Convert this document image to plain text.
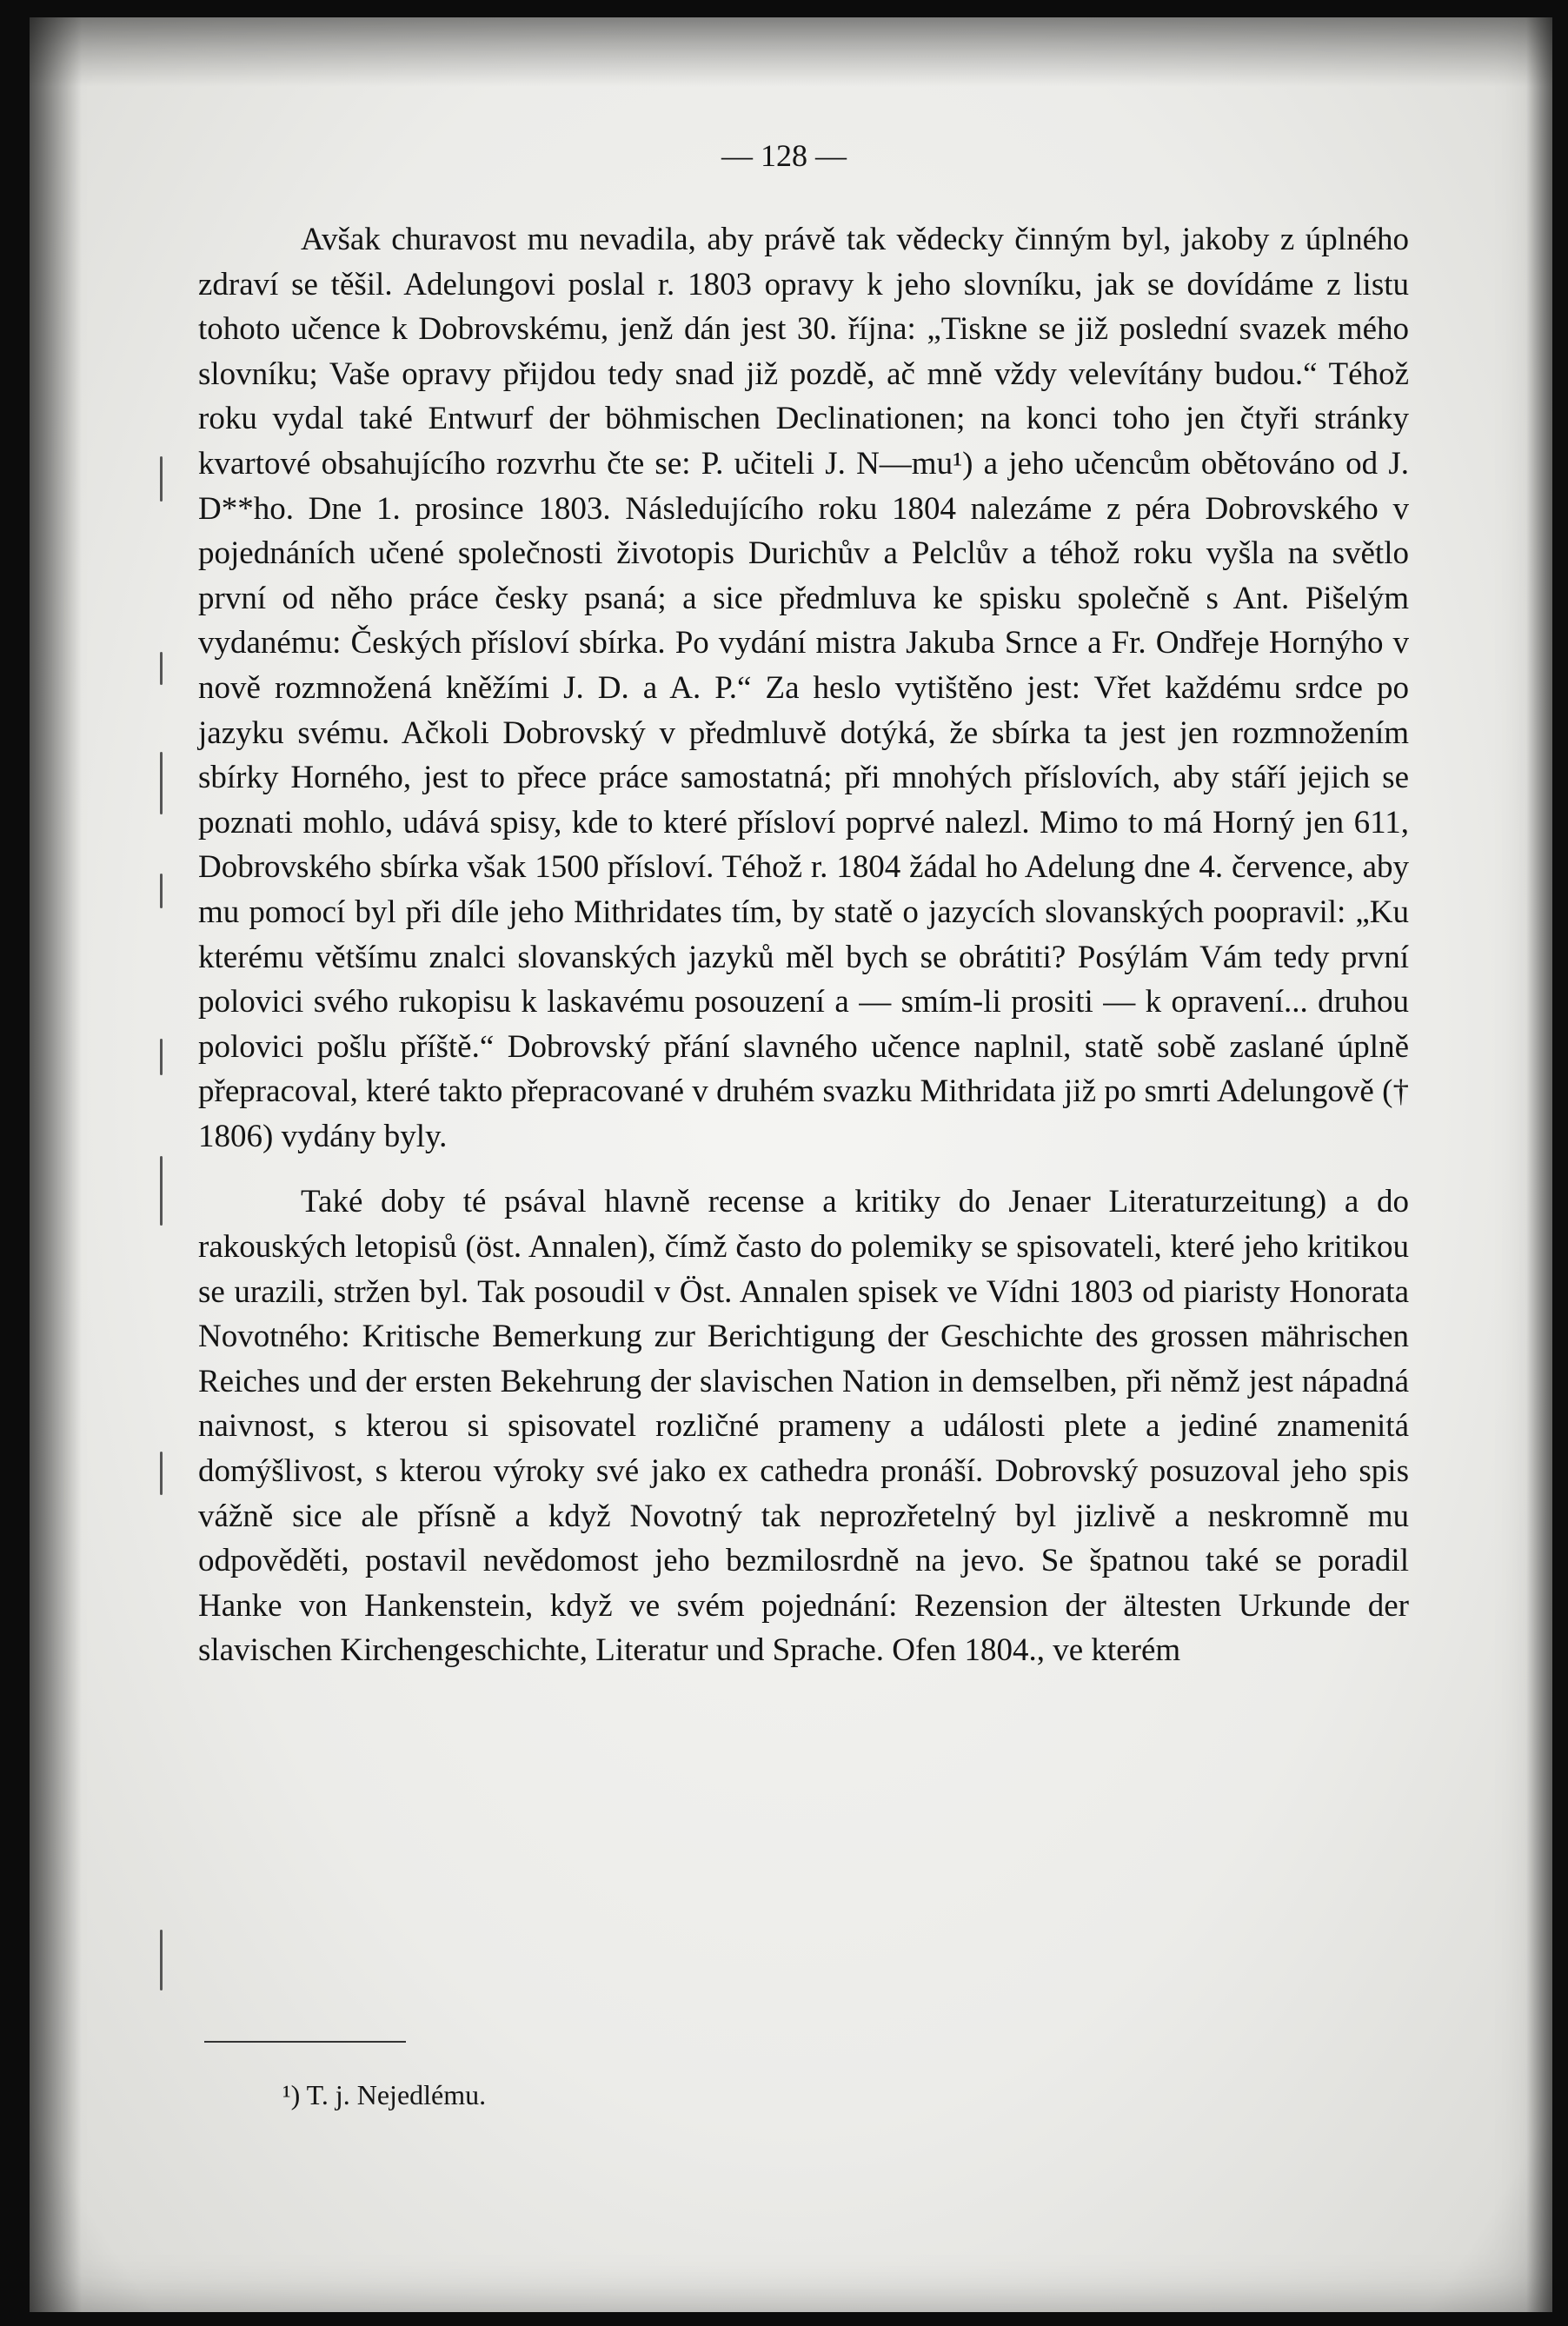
— 128 —

Avšak churavost mu nevadila, aby právě tak vědecky činným byl, jakoby z úplného zdraví se těšil. Adelungovi poslal r. 1803 opravy k jeho slovníku, jak se dovídáme z listu tohoto učence k Dobrovskému, jenž dán jest 30. října: „Tiskne se již poslední svazek mého slovníku; Vaše opravy přijdou tedy snad již pozdě, ač mně vždy velevítány budou.“ Téhož roku vydal také Entwurf der böhmischen Declinationen; na konci toho jen čtyři stránky kvartové obsahujícího rozvrhu čte se: P. učiteli J. N—mu¹) a jeho učencům obětováno od J. D**ho. Dne 1. prosince 1803. Následujícího roku 1804 nalezáme z péra Dobrovského v pojednáních učené společnosti životopis Durichův a Pelclův a téhož roku vyšla na světlo první od něho práce česky psaná; a sice předmluva ke spisku společně s Ant. Pišelým vydanému: Českých přísloví sbírka. Po vydání mistra Jakuba Srnce a Fr. Ondřeje Hornýho v nově rozmnožená kněžími J. D. a A. P.“ Za heslo vytištěno jest: Vřet každému srdce po jazyku svému. Ačkoli Dobrovský v předmluvě dotýká, že sbírka ta jest jen rozmnožením sbírky Horného, jest to přece práce samostatná; při mnohých příslovích, aby stáří jejich se poznati mohlo, udává spisy, kde to které přísloví poprvé nalezl. Mimo to má Horný jen 611, Dobrovského sbírka však 1500 přísloví. Téhož r. 1804 žádal ho Adelung dne 4. července, aby mu pomocí byl při díle jeho Mithridates tím, by statě o jazycích slovanských poopravil: „Ku kterému většímu znalci slovanských jazyků měl bych se obrátiti? Posýlám Vám tedy první polovici svého rukopisu k laskavému posouzení a — smím-li prositi — k opravení... druhou polovici pošlu příště.“ Dobrovský přání slavného učence naplnil, statě sobě zaslané úplně přepracoval, které takto přepracované v druhém svazku Mithridata již po smrti Adelungově († 1806) vydány byly.

Také doby té psával hlavně recense a kritiky do Jenaer Literaturzeitung) a do rakouských letopisů (öst. Annalen), čímž často do polemiky se spisovateli, které jeho kritikou se urazili, stržen byl. Tak posoudil v Öst. Annalen spisek ve Vídni 1803 od piaristy Honorata Novotného: Kritische Bemerkung zur Berichtigung der Geschichte des grossen mährischen Reiches und der ersten Bekehrung der slavischen Nation in demselben, při němž jest nápadná naivnost, s kterou si spisovatel rozličné prameny a události plete a jediné znamenitá domýšlivost, s kterou výroky své jako ex cathedra pronáší. Dobrovský posuzoval jeho spis vážně sice ale přísně a když Novotný tak neprozřetelný byl jizlivě a neskromně mu odpověděti, postavil nevědomost jeho bezmilosrdně na jevo. Se špatnou také se poradil Hanke von Hankenstein, když ve svém pojednání: Rezension der ältesten Urkunde der slavischen Kirchengeschichte, Literatur und Sprache. Ofen 1804., ve kterém

¹) T. j. Nejedlému.
